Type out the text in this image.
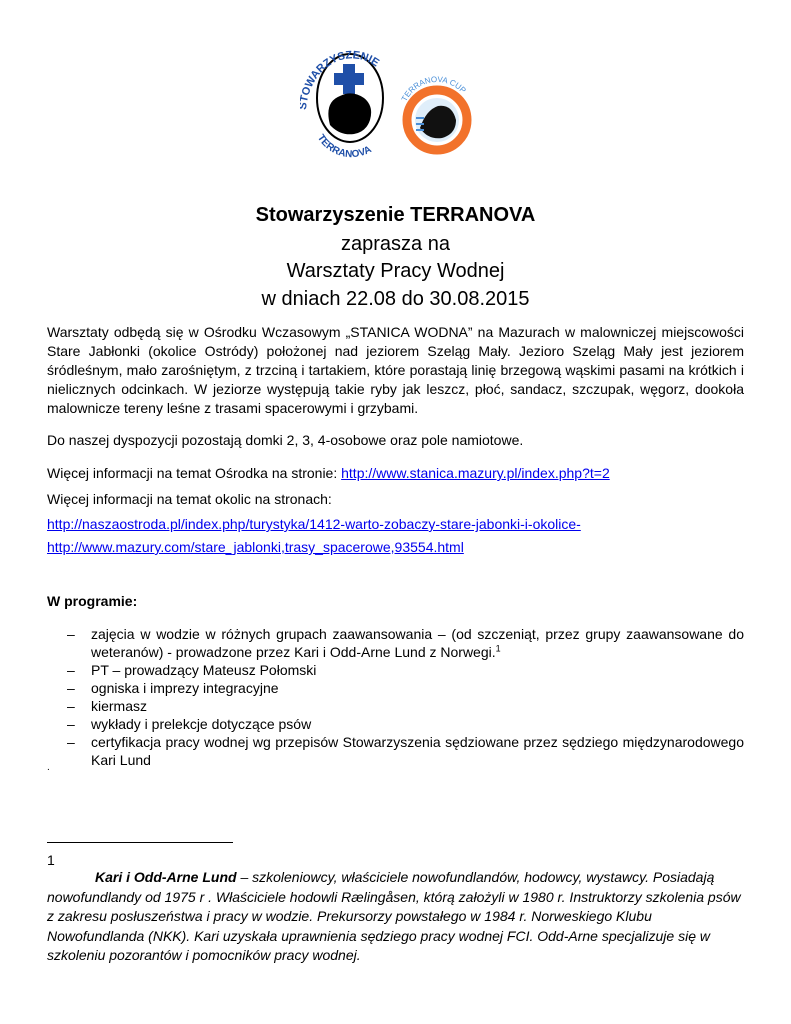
OWARZYSZENIE
TERRANOVA
TERRANOVA CUP
Stowarzyszenie TERRANOVA
zaprasza na
Warsztaty Pracy Wodnej
w dniach 22.08 do 30.08.2015
Warsztaty odbędą się w Ośrodku Wczasowym „STANICA WODNA” na Mazurach w malowniczej miejscowości Stare Jabłonki (okolice Ostródy) położonej nad jeziorem Szeląg Mały. Jezioro Szeląg Mały jest jeziorem śródleśnym, mało zarośniętym, z trzciną i tartakiem, które porastają linię brzegową wąskimi pasami na krótkich i nielicznych odcinkach. W jeziorze występują takie ryby jak leszcz, płoć, sandacz, szczupak, węgorz, dookoła malownicze tereny leśne z trasami spacerowymi i grzybami.
Do naszej dyspozycji pozostają domki 2, 3, 4-osobowe oraz pole namiotowe.
Więcej informacji na temat Ośrodka na stronie: http://www.stanica.mazury.pl/index.php?t=2
Więcej informacji na temat okolic na stronach:
http://naszaostroda.pl/index.php/turystyka/1412-warto-zobaczy-stare-jabonki-i-okolice-
http://www.mazury.com/stare_jablonki,trasy_spacerowe,93554.html
W programie:
– zajęcia w wodzie w różnych grupach zaawansowania – (od szczeniąt, przez grupy zaawansowane do weteranów) - prowadzone przez Kari i Odd-Arne Lund z Norwegi.$^1$
– PT – prowadzący Mateusz Połomski
– ogniska i imprezy integracyjne
– kiermasz
– wykłady i prelekcje dotyczące psów
– certyfikacja pracy wodnej wg przepisów Stowarzyszenia sędziowane przez sędziego międzynarodowego Kari Lund
.
1
Kari i Odd-Arne Lund – szkoleniowcy, właściciele nowofundlandów, hodowcy, wystawcy. Posiadają nowofundlandy od 1975 r . Właściciele hodowli Rælingåsen, którą założyli w 1980 r. Instruktorzy szkolenia psów z zakresu posłuszeństwa i pracy w wodzie. Prekursorzy powstałego w 1984 r. Norweskiego Klubu Nowofundlanda (NKK). Kari uzyskała uprawnienia sędziego pracy wodnej FCI. Odd-Arne specjalizuje się w szkoleniu pozorantów i pomocników pracy wodnej.
